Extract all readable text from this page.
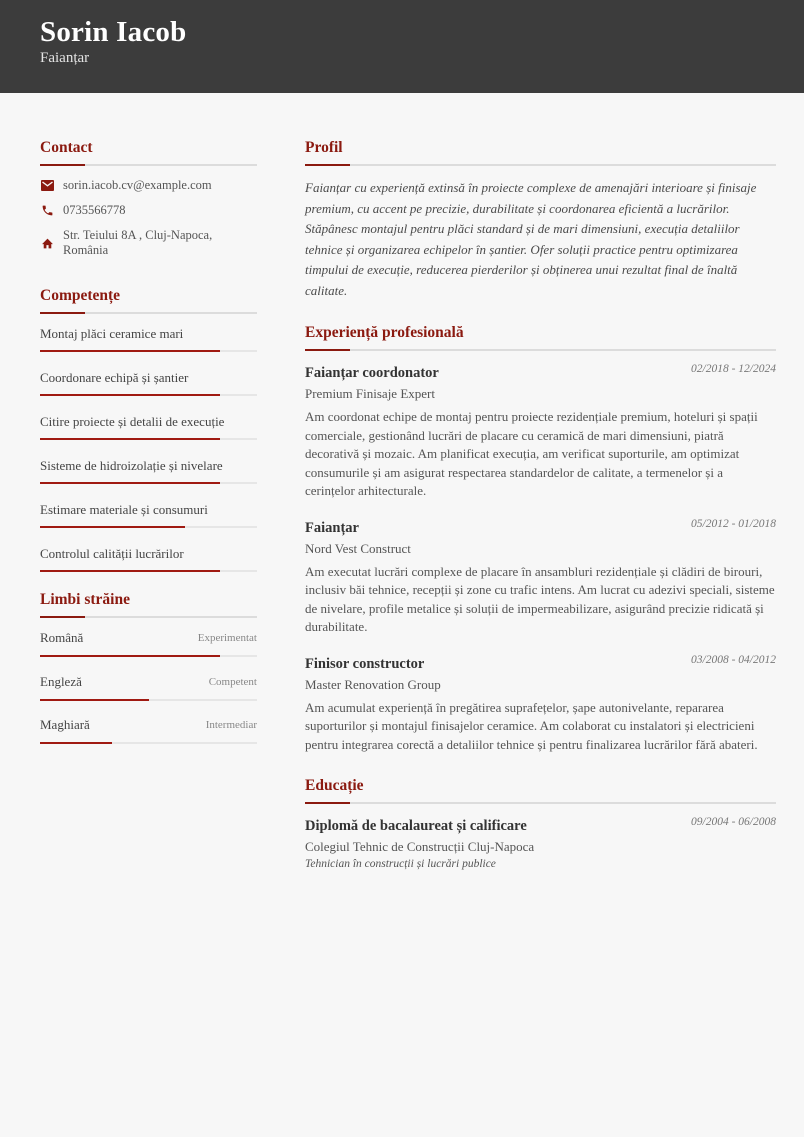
Sorin Iacob
Faianțar
Contact
sorin.iacob.cv@example.com
0735566778
Str. Teiului 8A , Cluj-Napoca, România
Competențe
Montaj plăci ceramice mari
Coordonare echipă și șantier
Citire proiecte și detalii de execuție
Sisteme de hidroizolație și nivelare
Estimare materiale și consumuri
Controlul calității lucrărilor
Limbi străine
Română	Experimentat
Engleză	Competent
Maghiară	Intermediar
Profil

Faianțar cu experiență extinsă în proiecte complexe de amenajări interioare și finisaje premium, cu accent pe precizie, durabilitate și coordonarea eficientă a lucrărilor. Stăpânesc montajul pentru plăci standard și de mari dimensiuni, execuția detaliilor tehnice și organizarea echipelor în șantier. Ofer soluții practice pentru optimizarea timpului de execuție, reducerea pierderilor și obținerea unui rezultat final de înaltă calitate.

Experiență profesională
Faianțar coordonator	02/2018 - 12/2024
Premium Finisaje Expert

Am coordonat echipe de montaj pentru proiecte rezidențiale premium, hoteluri și spații comerciale, gestionând lucrări de placare cu ceramică de mari dimensiuni, piatră decorativă și mozaic. Am planificat execuția, am verificat suporturile, am optimizat consumurile și am asigurat respectarea standardelor de calitate, a termenelor și a cerințelor arhitecturale.

Faianțar	05/2012 - 01/2018
Nord Vest Construct

Am executat lucrări complexe de placare în ansambluri rezidențiale și clădiri de birouri, inclusiv băi tehnice, recepții și zone cu trafic intens. Am lucrat cu adezivi speciali, sisteme de nivelare, profile metalice și soluții de impermeabilizare, asigurând precizie ridicată și durabilitate.

Finisor constructor	03/2008 - 04/2012
Master Renovation Group

Am acumulat experiență în pregătirea suprafețelor, șape autonivelante, repararea suporturilor și montajul finisajelor ceramice. Am colaborat cu instalatori și electricieni pentru integrarea corectă a detaliilor tehnice și pentru finalizarea lucrărilor fără abateri.

Educație
Diplomă de bacalaureat și calificare	09/2004 - 06/2008
Colegiul Tehnic de Construcții Cluj-Napoca
Tehnician în construcții și lucrări publice
